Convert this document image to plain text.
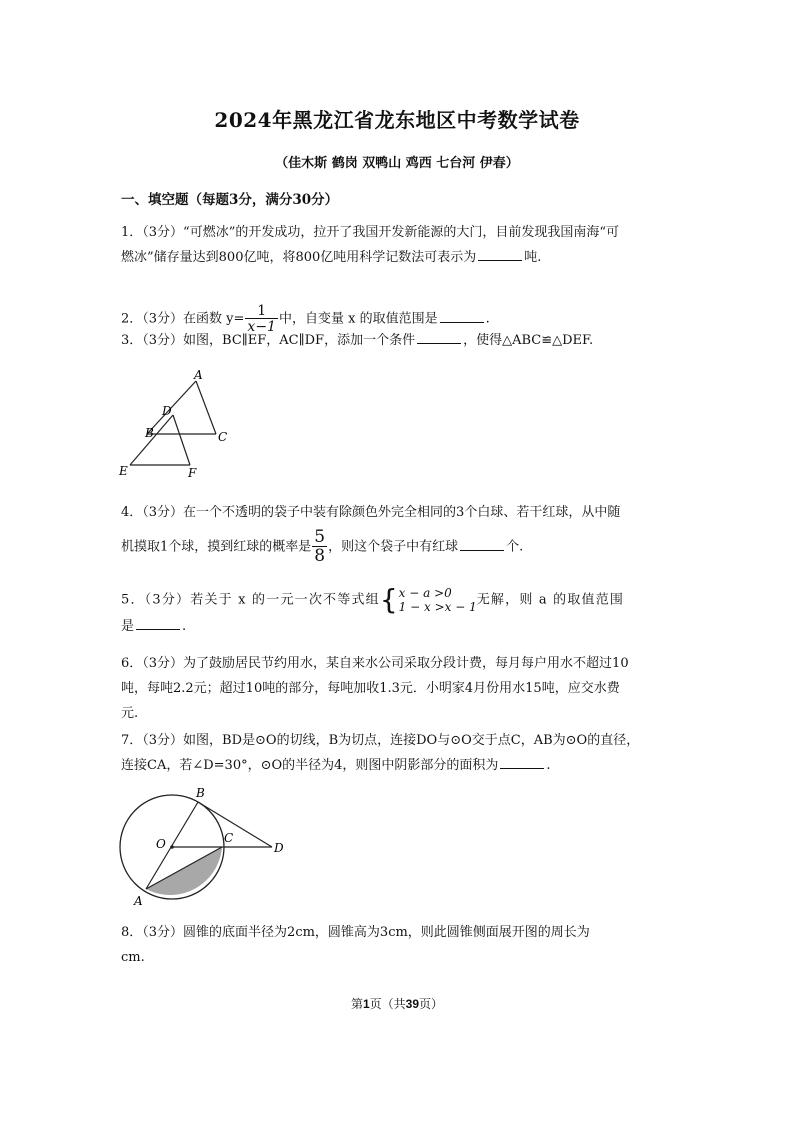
2024年黑龙江省龙东地区中考数学试卷
（佳木斯 鹤岗 双鸭山 鸡西 七台河 伊春）
一、填空题（每题3分，满分30分）
1．（3分）“可燃冰”的开发成功，拉开了我国开发新能源的大门，目前发现我国南海“可
燃冰”储存量达到800亿吨，将800亿吨用科学记数法可表示为	吨.
2．（3分）在函数 $y= \frac{1}{x-1}$ 中，自变量 x 的取值范围是	.
3．（3分）如图，BC∥EF，AC∥DF，添加一个条件	，使得△ABC≌△DEF.
A
D
B	C
E	F
4．（3分）在一个不透明的袋子中装有除颜色外完全相同的3个白球、若干红球，从中随
机摸取1个球，摸到红球的概率是 $\frac{5}{8}$ ，则这个袋子中有红球	个.
5．（3分）若关于 x 的一元一次不等式组 { x − a >0
1 − x >x − 1 无解，则 a 的取值范围
是	.
6．（3分）为了鼓励居民节约用水，某自来水公司采取分段计费，每月每户用水不超过10
吨，每吨2.2元；超过10吨的部分，每吨加收1.3元．小明家4月份用水15吨，应交水费
元.
7．（3分）如图，BD是⊙O的切线，B为切点，连接DO与⊙O交于点C，AB为⊙O的直径，
连接CA，若∠D=30°，⊙O的半径为4，则图中阴影部分的面积为	.
B
O	C
D
A
8．（3分）圆锥的底面半径为2cm，圆锥高为3cm，则此圆锥侧面展开图的周长为
cm.
第1页（共39页）
